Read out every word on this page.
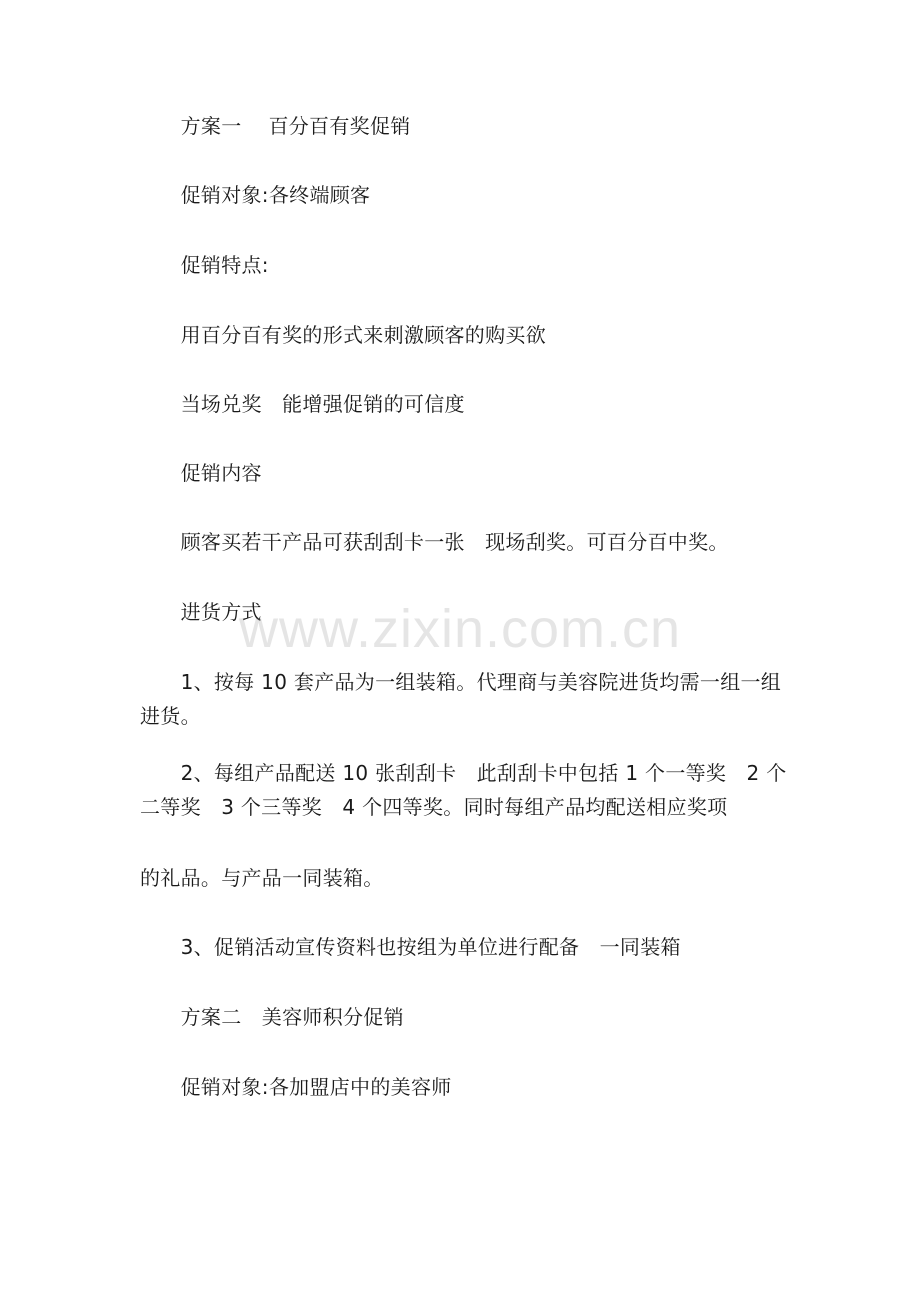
　　方案一　 百分百有奖促销
　　促销对象:各终端顾客
　　促销特点:
　　用百分百有奖的形式来刺激顾客的购买欲
　　当场兑奖　能增强促销的可信度
　　促销内容
　　顾客买若干产品可获刮刮卡一张　现场刮奖。可百分百中奖。
　　进货方式
　　1、按每 10 套产品为一组装箱。代理商与美容院进货均需一组一组进货。
　　2、每组产品配送 10 张刮刮卡　此刮刮卡中包括 1 个一等奖　2 个二等奖　3 个三等奖　4 个四等奖。同时每组产品均配送相应奖项
的礼品。与产品一同装箱。
　　3、促销活动宣传资料也按组为单位进行配备　一同装箱
　　方案二　美容师积分促销
　　促销对象:各加盟店中的美容师
www.zixin.com.cn
